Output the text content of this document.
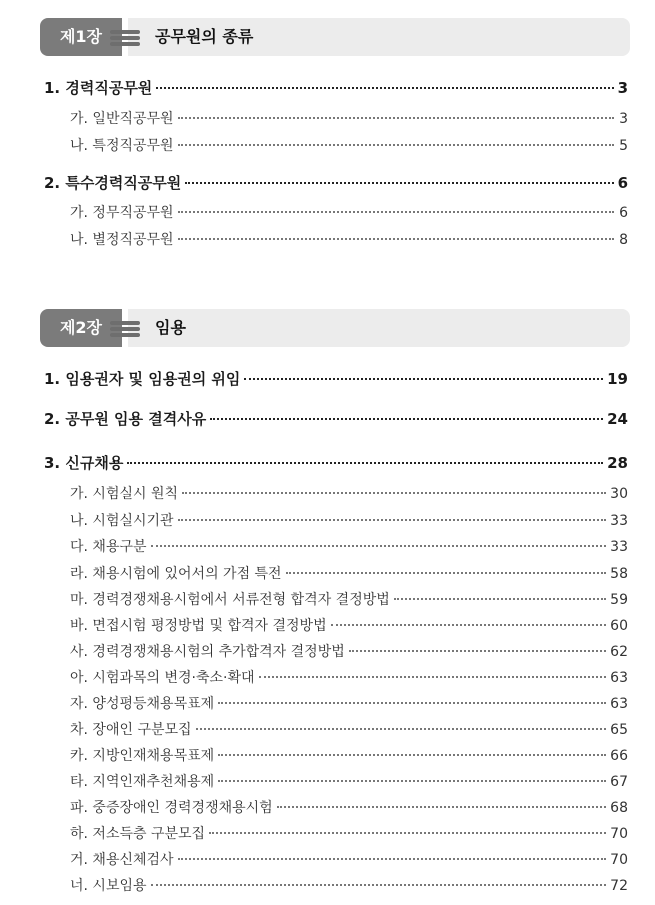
제1장	공무원의 종류
1. 경력직공무원	3
가. 일반직공무원	3
나. 특정직공무원	5
2. 특수경력직공무원	6
가. 정무직공무원	6
나. 별정직공무원	8
제2장	임용
1. 임용권자 및 임용권의 위임	19
2. 공무원 임용 결격사유	24
3. 신규채용	28
가. 시험실시 원칙	30
나. 시험실시기관	33
다. 채용구분	33
라. 채용시험에 있어서의 가점 특전	58
마. 경력경쟁채용시험에서 서류전형 합격자 결정방법	59
바. 면접시험 평정방법 및 합격자 결정방법	60
사. 경력경쟁채용시험의 추가합격자 결정방법	62
아. 시험과목의 변경·축소·확대	63
자. 양성평등채용목표제	63
차. 장애인 구분모집	65
카. 지방인재채용목표제	66
타. 지역인재추천채용제	67
파. 중증장애인 경력경쟁채용시험	68
하. 저소득층 구분모집	70
거. 채용신체검사	70
너. 시보임용	72
